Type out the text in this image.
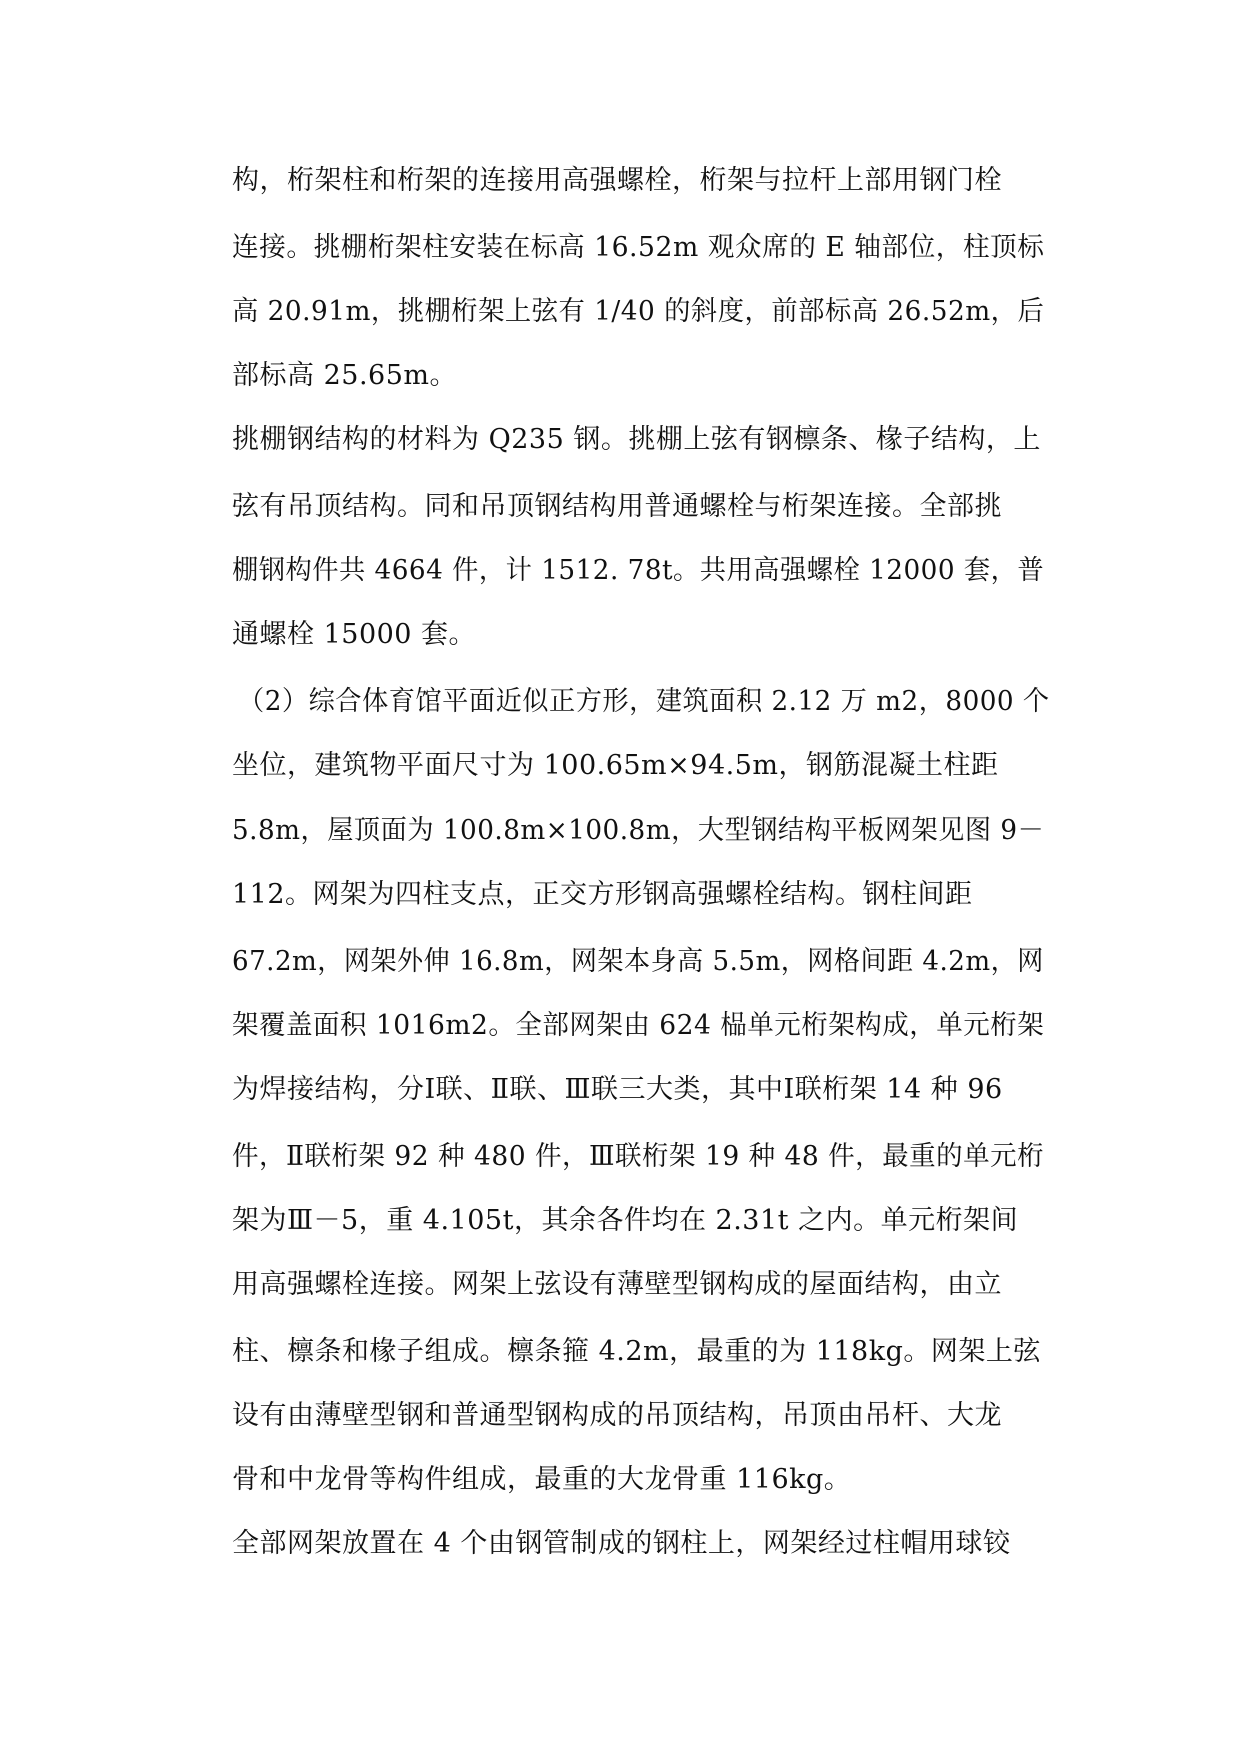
构，桁架柱和桁架的连接用高强螺栓，桁架与拉杆上部用钢门栓
连接。挑棚桁架柱安装在标高 16.52m 观众席的 E 轴部位，柱顶标
高 20.91m，挑棚桁架上弦有 1/40 的斜度，前部标高 26.52m，后
部标高 25.65m。
挑棚钢结构的材料为 Q235 钢。挑棚上弦有钢檩条、椽子结构，上
弦有吊顶结构。同和吊顶钢结构用普通螺栓与桁架连接。全部挑
棚钢构件共 4664 件，计 1512. 78t。共用高强螺栓 12000 套，普
通螺栓 15000 套。
（2）综合体育馆平面近似正方形，建筑面积 2.12 万 m2，8000 个
坐位，建筑物平面尺寸为 100.65m×94.5m，钢筋混凝土柱距
5.8m，屋顶面为 100.8m×100.8m，大型钢结构平板网架见图 9－
112。网架为四柱支点，正交方形钢高强螺栓结构。钢柱间距
67.2m，网架外伸 16.8m，网架本身高 5.5m，网格间距 4.2m，网
架覆盖面积 1016m2。全部网架由 624 榀单元桁架构成，单元桁架
为焊接结构，分Ⅰ联、Ⅱ联、Ⅲ联三大类，其中Ⅰ联桁架 14 种 96
件，Ⅱ联桁架 92 种 480 件，Ⅲ联桁架 19 种 48 件，最重的单元桁
架为Ⅲ－5，重 4.105t，其余各件均在 2.31t 之内。单元桁架间
用高强螺栓连接。网架上弦设有薄壁型钢构成的屋面结构，由立
柱、檩条和椽子组成。檩条箍 4.2m，最重的为 118kg。网架上弦
设有由薄壁型钢和普通型钢构成的吊顶结构，吊顶由吊杆、大龙
骨和中龙骨等构件组成，最重的大龙骨重 116kg。
全部网架放置在 4 个由钢管制成的钢柱上，网架经过柱帽用球铰
